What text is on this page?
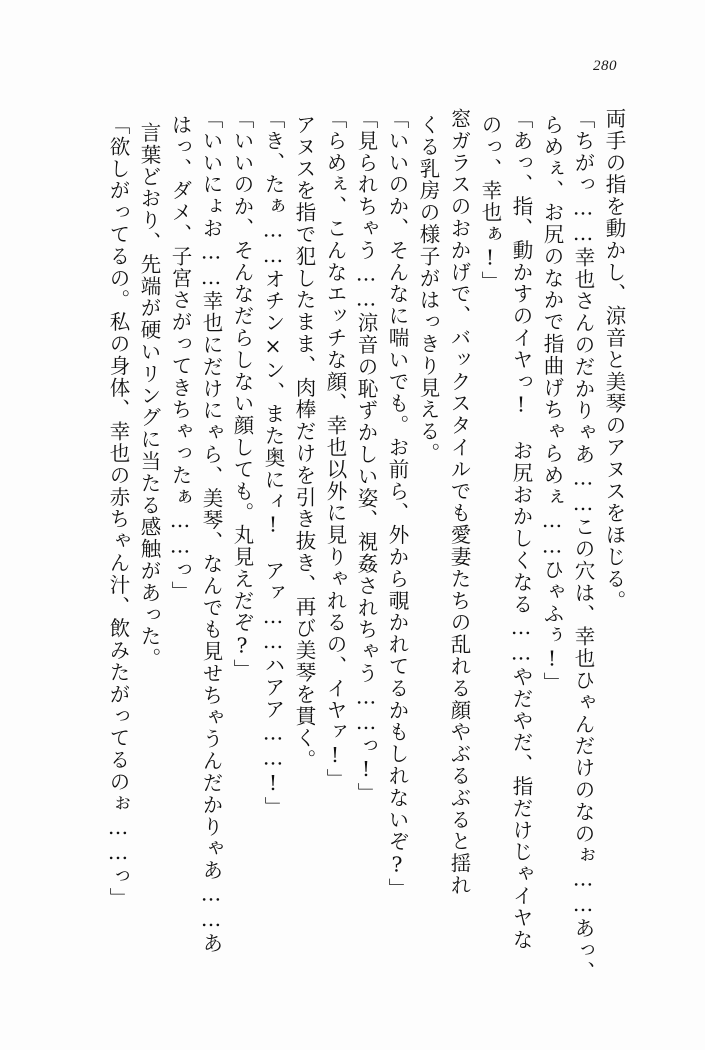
280
両手の指を動かし、涼音と美琴のアヌスをほじる。
「ちがっ……幸也さんのだかりゃあ……この穴は、幸也ひゃんだけのなのぉ……あっ、
らめぇ、お尻のなかで指曲げちゃらめぇ……ひゃふぅ!」
「あっ、指、動かすのイヤっ!　お尻おかしくなる……やだやだ、指だけじゃイヤな
のっ、幸也ぁ!」
窓ガラスのおかげで、バックスタイルでも愛妻たちの乱れる顔やぶるぶると揺れ
くる乳房の様子がはっきり見える。
「いいのか、そんなに喘いでも。お前ら、外から覗かれてるかもしれないぞ?」
「見られちゃう……涼音の恥ずかしい姿、視姦されちゃう……っ!」
「らめぇ、こんなエッチな顔、幸也以外に見りゃれるの、イヤァ!」
アヌスを指で犯したまま、肉棒だけを引き抜き、再び美琴を貫く。
「き、たぁ……オチン×ン、また奥にィ!　アァ……ハアア……!」
「いいのか、そんなだらしない顔しても。丸見えだぞ?」
「いいにょお……幸也にだけにゃら、美琴、なんでも見せちゃうんだかりゃあ……あ
はっ、ダメ、子宮さがってきちゃったぁ……っ」
言葉どおり、先端が硬いリングに当たる感触があった。
「欲しがってるの。私の身体、幸也の赤ちゃん汁、飲みたがってるのぉ……っ」
